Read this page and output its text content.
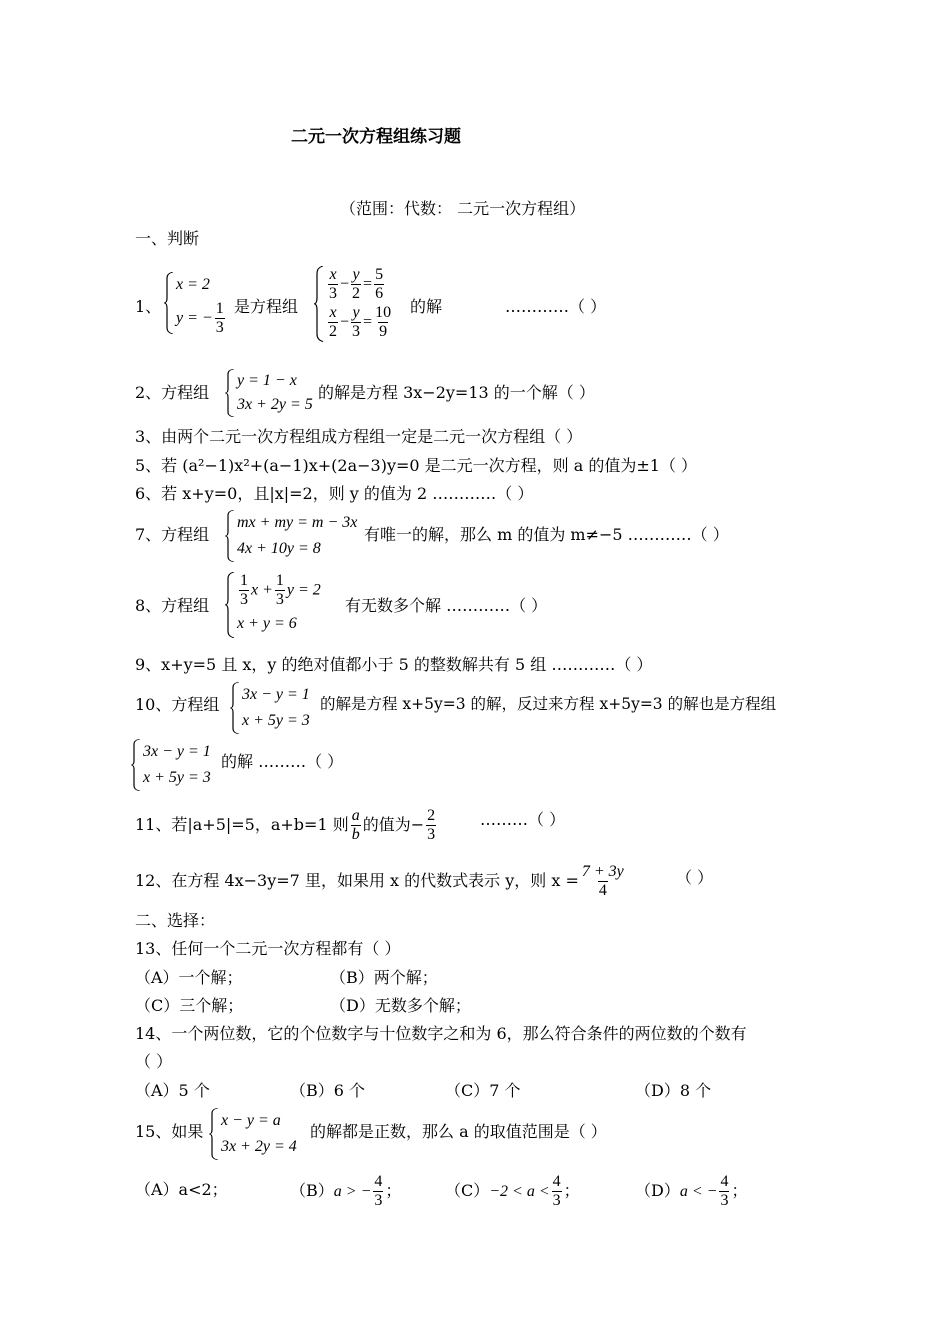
二元一次方程组练习题
（范围：代数： 二元一次方程组）
一、判断
1、
x = 2
y = − $\frac{1}{3}$ 是方程组
$\frac{x}{3} - \frac{y}{2} = \frac{5}{6}$
$\frac{x}{2} - \frac{y}{3} = \frac{10}{9}$ 的解	…………（ ）
2、方程组
y = 1 − x
3x + 2y = 5
的解是方程 3x−2y=13 的一个解（ ）
3、由两个二元一次方程组成方程组一定是二元一次方程组（ ）
5、若 (a²−1)x²+(a−1)x+(2a−3)y=0 是二元一次方程，则 a 的值为±1（ ）
6、若 x+y=0，且|x|=2，则 y 的值为 2 …………（ ）
7、方程组
mx + my = m − 3x
4x + 10y = 8
有唯一的解，那么 m 的值为 m≠−5 …………（ ）
8、方程组 $\frac{1}{3}$ $x + \frac{1}{3}$ y = 2
x + y = 6
有无数多个解 …………（ ）
9、x+y=5 且 x，y 的绝对值都小于 5 的整数解共有 5 组 …………（ ）
10、方程组
3x − y = 1
x + 5y = 3
的解是方程 x+5y=3 的解，反过来方程 x+5y=3 的解也是方程组
3x − y = 1
x + 5y = 3
的解 ………（ ）
11、若|a+5|=5，a+b=1 则 $\frac{a}{b}$ 的值为− $\frac{2}{3}$	………（ ）
12、在方程 4x−3y=7 里，如果用 x 的代数式表示 y，则 $x = \frac{7 + 3y}{4}$	（ ）
二、选择：
13、任何一个二元一次方程都有（ ）
（A）一个解；	（B）两个解；
（C）三个解；	（D）无数多个解；
14、一个两位数，它的个位数字与十位数字之和为 6，那么符合条件的两位数的个数有
（ ）
（A）5 个	（B）6 个	（C）7 个	（D）8 个
15、如果
x − y = a
3x + 2y = 4
的解都是正数，那么 a 的取值范围是（ ）
（A）a<2；	（B）a > − $\frac{4}{3}$ ；	$(C)-2 < a < \frac{4}{3}$ ；	（D）a < − $\frac{4}{3}$ ；
